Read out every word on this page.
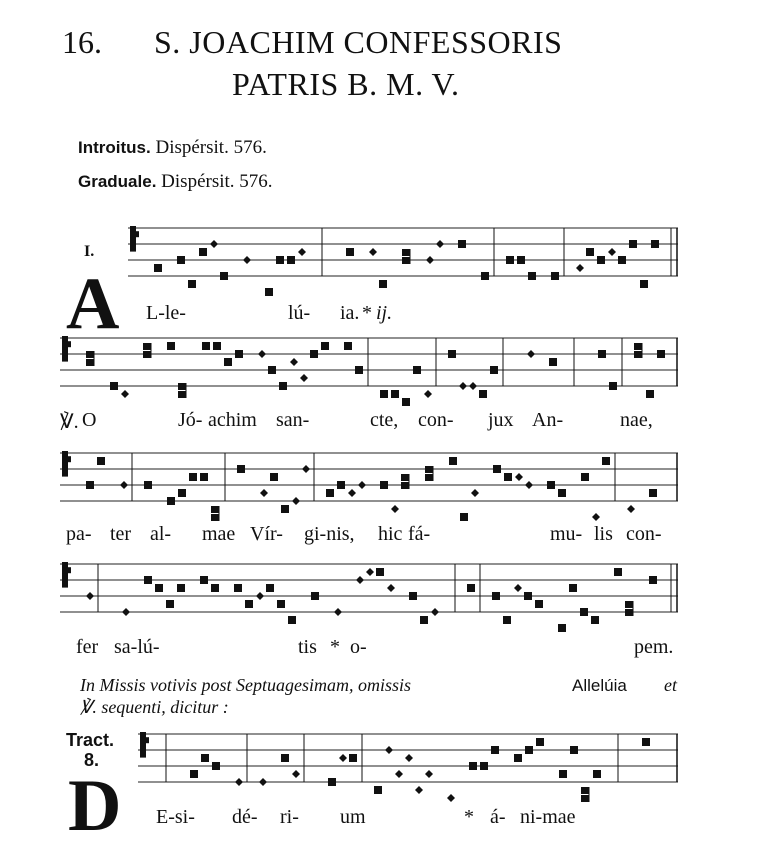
16. S. JOACHIM CONFESSORIS
PATRIS B. M. V.
Introitus. Dispérsit. 576.
Graduale. Dispérsit. 576.
I.
A L-le-	lú- ia. * ij.
℣. O	Jó- achim san-	cte, con- jux An-	nae,
pa- ter al- mae Vír- gi-nis, hic fá-	mu- lis con-
fer sa-lú-	tis * o-	pem.
In Missis votivis post Septuagesimam, omissis	Allelúia et
℣. sequenti, dicitur :
Tract.
8.
D E-si- dé- ri- um	* á- ni-mae
